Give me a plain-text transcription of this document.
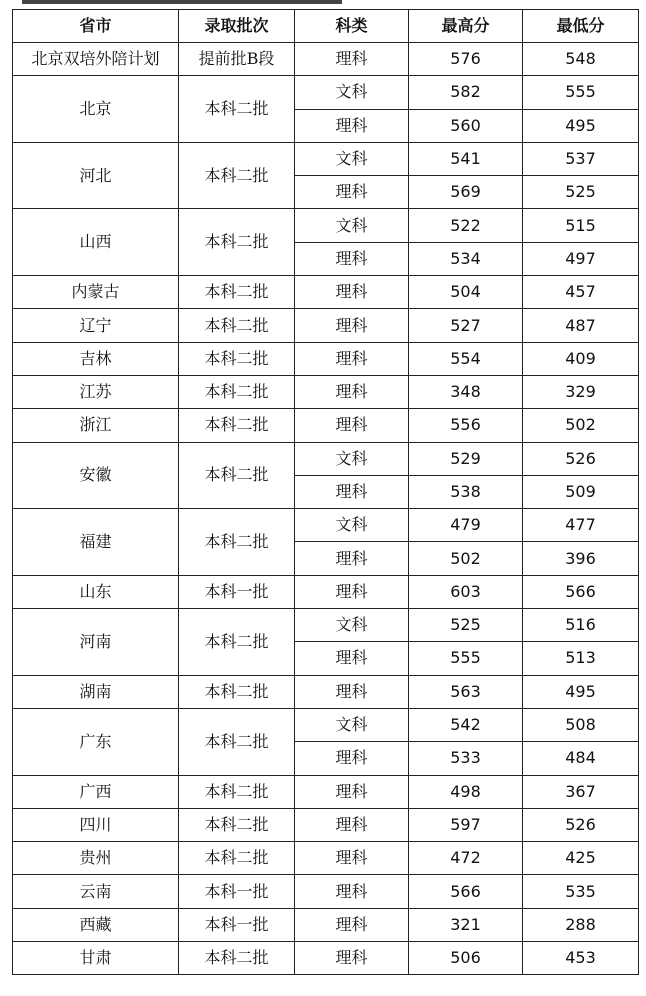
省市	录取批次	科类	最高分	最低分
北京双培外陪计划	提前批B段	理科	576	548
北京	本科二批	文科	582	555
		理科	560	495
河北	本科二批	文科	541	537
		理科	569	525
山西	本科二批	文科	522	515
		理科	534	497
内蒙古	本科二批	理科	504	457
辽宁	本科二批	理科	527	487
吉林	本科二批	理科	554	409
江苏	本科二批	理科	348	329
浙江	本科二批	理科	556	502
安徽	本科二批	文科	529	526
		理科	538	509
福建	本科二批	文科	479	477
		理科	502	396
山东	本科一批	理科	603	566
河南	本科二批	文科	525	516
		理科	555	513
湖南	本科二批	理科	563	495
广东	本科二批	文科	542	508
		理科	533	484
广西	本科二批	理科	498	367
四川	本科二批	理科	597	526
贵州	本科二批	理科	472	425
云南	本科一批	理科	566	535
西藏	本科一批	理科	321	288
甘肃	本科二批	理科	506	453
